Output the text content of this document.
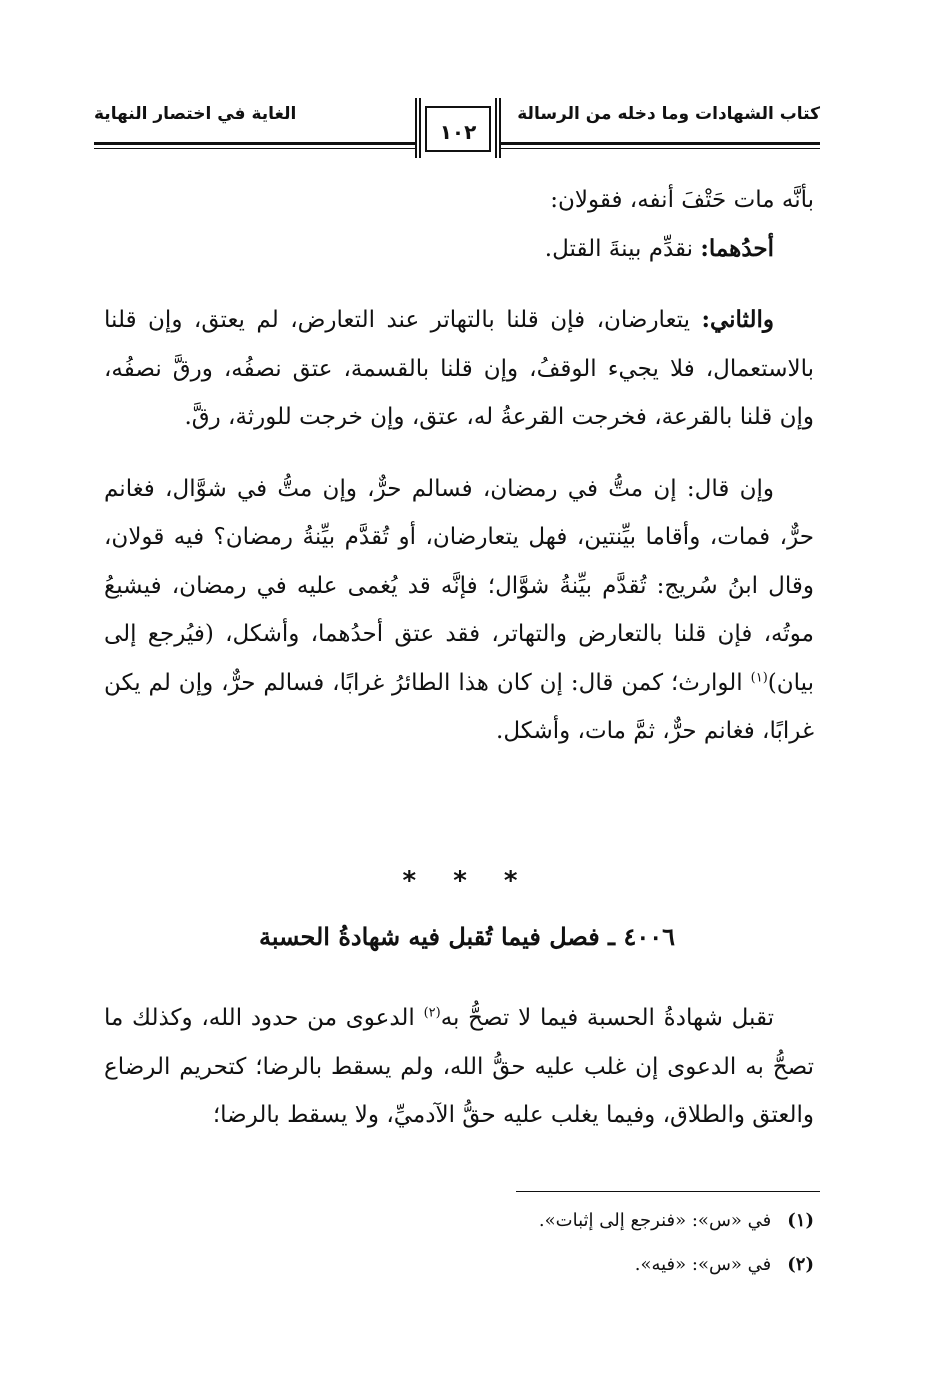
كتاب الشهادات وما دخله من الرسالة
الغاية في اختصار النهاية
١٠٢

بأنَّه مات حَتْفَ أنفه، فقولان:

أحدُهما: نقدِّم بينةَ القتل.

والثاني: يتعارضان، فإن قلنا بالتهاتر عند التعارض، لم يعتق، وإن قلنا بالاستعمال، فلا يجيء الوقفُ، وإن قلنا بالقسمة، عتق نصفُه، ورقَّ نصفُه، وإن قلنا بالقرعة، فخرجت القرعةُ له، عتق، وإن خرجت للورثة، رقَّ.

وإن قال: إن متُّ في رمضان، فسالم حرٌّ، وإن متُّ في شوَّال، فغانم حرٌّ، فمات، وأقاما بيِّنتين، فهل يتعارضان، أو تُقدَّم بيِّنةُ رمضان؟ فيه قولان، وقال ابنُ سُريج: تُقدَّم بيِّنةُ شوَّال؛ فإنَّه قد يُغمى عليه في رمضان، فيشيعُ موتُه، فإن قلنا بالتعارض والتهاتر، فقد عتق أحدُهما، وأشكل، (فيُرجع إلى بيان)$^{(١)}$ الوارث؛ كمن قال: إن كان هذا الطائرُ غرابًا، فسالم حرٌّ، وإن لم يكن غرابًا، فغانم حرٌّ، ثمَّ مات، وأشكل.

* * *
٤٠٠٦ ـ فصل فيما تُقبل فيه شهادةُ الحسبة

تقبل شهادةُ الحسبة فيما لا تصحُّ به$^{(٢)}$ الدعوى من حدود الله، وكذلك ما تصحُّ به الدعوى إن غلب عليه حقُّ الله، ولم يسقط بالرضا؛ كتحريم الرضاع والعتق والطلاق، وفيما يغلب عليه حقُّ الآدميِّ، ولا يسقط بالرضا؛

(١)في «س»: «فنرجع إلى إثبات».
(٢)في «س»: «فيه».
